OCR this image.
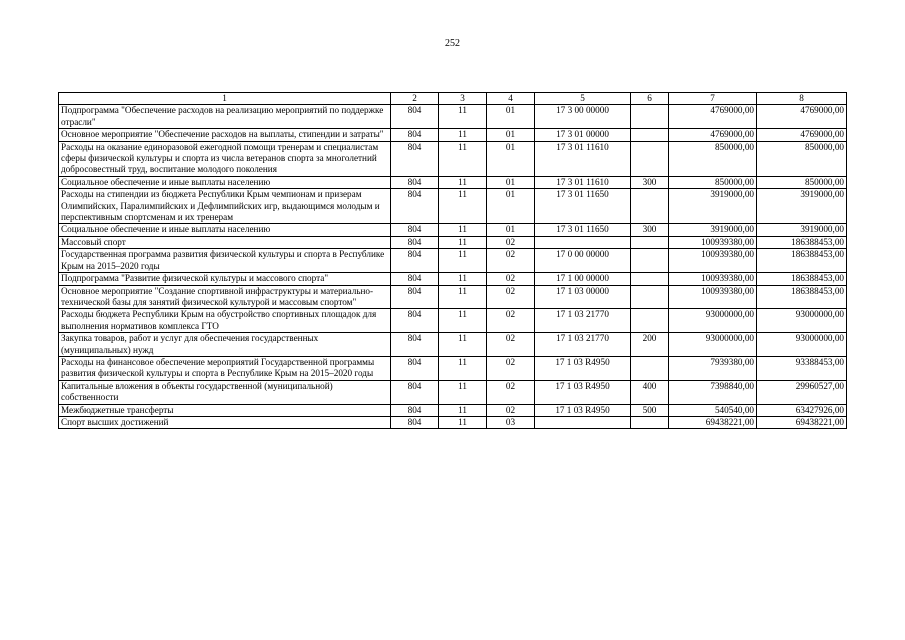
252
1	2	3	4	5	6	7	8
Подпрограмма "Обеспечение расходов на реализацию мероприятий по поддержке отрасли"	804	11	01	17 3 00 00000		4769000,00	4769000,00
Основное мероприятие "Обеспечение расходов на выплаты, стипендии и затраты"	804	11	01	17 3 01 00000		4769000,00	4769000,00
Расходы на оказание единоразовой ежегодной помощи тренерам и специалистам сферы физической культуры и спорта из числа ветеранов спорта за многолетний добросовестный труд, воспитание молодого поколения	804	11	01	17 3 01 11610		850000,00	850000,00
Социальное обеспечение и иные выплаты населению	804	11	01	17 3 01 11610	300	850000,00	850000,00
Расходы на стипендии из бюджета Республики Крым чемпионам и призерам Олимпийских, Паралимпийских и Дефлимпийских игр, выдающимся молодым и перспективным спортсменам и их тренерам	804	11	01	17 3 01 11650		3919000,00	3919000,00
Социальное обеспечение и иные выплаты населению	804	11	01	17 3 01 11650	300	3919000,00	3919000,00
Массовый спорт	804	11	02			100939380,00	186388453,00
Государственная программа развития физической культуры и спорта в Республике Крым на 2015–2020 годы	804	11	02	17 0 00 00000		100939380,00	186388453,00
Подпрограмма "Развитие физической культуры и массового спорта"	804	11	02	17 1 00 00000		100939380,00	186388453,00
Основное мероприятие "Создание спортивной инфраструктуры и материально-технической базы для занятий физической культурой и массовым спортом"	804	11	02	17 1 03 00000		100939380,00	186388453,00
Расходы бюджета Республики Крым на обустройство спортивных площадок для выполнения нормативов комплекса ГТО	804	11	02	17 1 03 21770		93000000,00	93000000,00
Закупка товаров, работ и услуг для обеспечения государственных (муниципальных) нужд	804	11	02	17 1 03 21770	200	93000000,00	93000000,00
Расходы на финансовое обеспечение мероприятий Государственной программы развития физической культуры и спорта в Республике Крым на 2015–2020 годы	804	11	02	17 1 03 R4950		7939380,00	93388453,00
Капитальные вложения в объекты государственной (муниципальной) собственности	804	11	02	17 1 03 R4950	400	7398840,00	29960527,00
Межбюджетные трансферты	804	11	02	17 1 03 R4950	500	540540,00	63427926,00
Спорт высших достижений	804	11	03			69438221,00	69438221,00
